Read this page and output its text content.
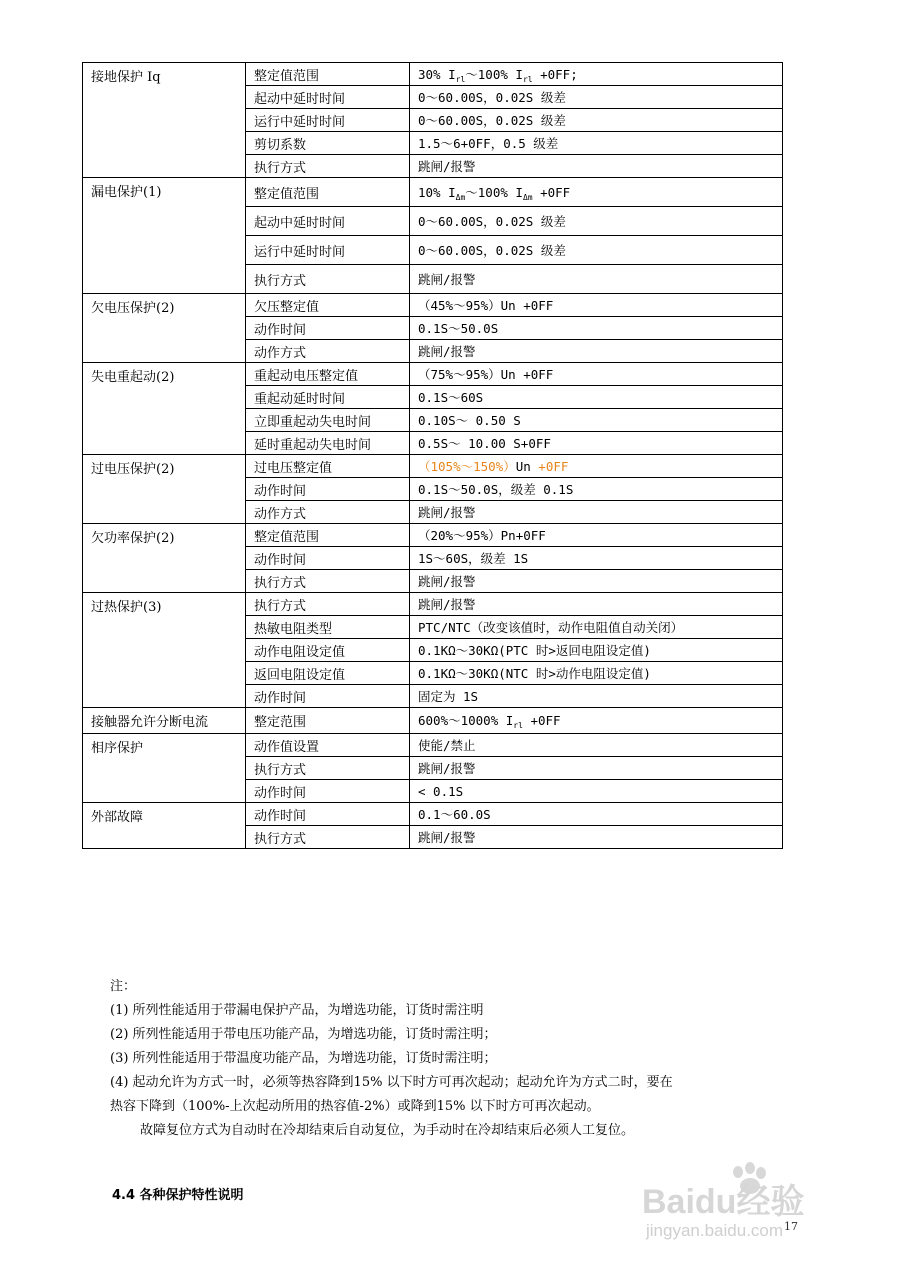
接地保护 Iq	整定值范围	30% $I_{rl}\sim 100\%$ $I_{rl} +0FF$;
	起动中延时时间	0～60.00S，0.02S 级差
	运行中延时时间	0～60.00S，0.02S 级差
	剪切系数	1.5～6+0FF，0.5 级差
	执行方式	跳闸/报警
漏电保护(1)	整定值范围	10% $I_{\Delta m}\sim 100\%$ $I_{\Delta m} +0FF$
	起动中延时时间	0～60.00S，0.02S 级差
	运行中延时时间	0～60.00S，0.02S 级差
	执行方式	跳闸/报警
欠电压保护(2)	欠压整定值	（45%～95%）Un +0FF
	动作时间	0.1S～50.0S
	动作方式	跳闸/报警
失电重起动(2)	重起动电压整定值	（75%～95%）Un +0FF
	重起动延时时间	0.1S～60S
	立即重起动失电时间	0.10S～ 0.50 S
	延时重起动失电时间	0.5S～ 10.00 S+0FF
过电压保护(2)	过电压整定值	（105%～150%）Un +0FF
	动作时间	0.1S～50.0S，级差 0.1S
	动作方式	跳闸/报警
欠功率保护(2)	整定值范围	（20%～95%）Pn+0FF
	动作时间	1S～60S，级差 1S
	执行方式	跳闸/报警
过热保护(3)	执行方式	跳闸/报警
	热敏电阻类型	PTC/NTC（改变该值时，动作电阻值自动关闭）
	动作电阻设定值	0.1KΩ～30KΩ(PTC 时>返回电阻设定值)
	返回电阻设定值	0.1KΩ～30KΩ(NTC 时>动作电阻设定值)
	动作时间	固定为 1S
接触器允许分断电流	整定范围	600%～1000% $I_{rl} +0FF$
相序保护	动作值设置	使能/禁止
	执行方式	跳闸/报警
	动作时间	< 0.1S
外部故障	动作时间	0.1～60.0S
	执行方式	跳闸/报警

注：

(1) 所列性能适用于带漏电保护产品，为增选功能，订货时需注明

(2) 所列性能适用于带电压功能产品，为增选功能，订货时需注明；

(3) 所列性能适用于带温度功能产品，为增选功能，订货时需注明；

(4) 起动允许为方式一时，必须等热容降到15% 以下时方可再次起动；起动允许为方式二时，要在

热容下降到（100%-上次起动所用的热容值-2%）或降到15% 以下时方可再次起动。

故障复位方式为自动时在冷却结束后自动复位，为手动时在冷却结束后必须人工复位。

4.4 各种保护特性说明	Baidu经验
jingyan.baidu.com 17
